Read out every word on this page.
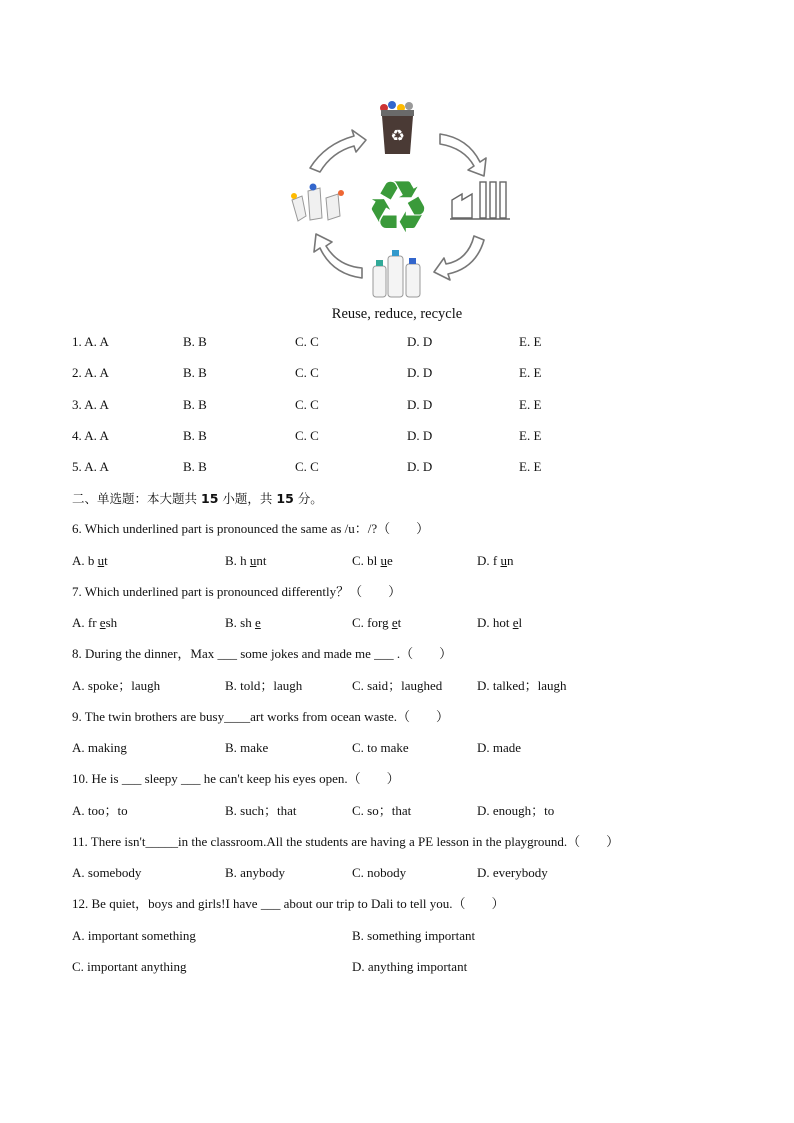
♻
♻
Reuse, reduce, recycle
1. A. A	B. B	C. C	D. D	E. E
2. A. A	B. B	C. C	D. D	E. E
3. A. A	B. B	C. C	D. D	E. E
4. A. A	B. B	C. C	D. D	E. E
5. A. A	B. B	C. C	D. D	E. E
二、单选题：本大题共 15 小题，共 15 分。
6. Which underlined part is pronounced the same as /u：/?（　　）
A. b ut	B. h unt	C. bl ue	D. f un
7. Which underlined part is pronounced differently？（　　）
A. fr esh	B. sh e	C. forg et	D. hot el
8. During the dinner，Max ___ some jokes and made me ___ .（　　）
A. spoke；laugh	B. told；laugh	C. said；laughed	D. talked；laugh
9. The twin brothers are busy____art works from ocean waste.（　　）
A. making	B. make	C. to make	D. made
10. He is ___ sleepy ___ he can't keep his eyes open.（　　）
A. too；to	B. such；that	C. so；that	D. enough；to
11. There isn't_____in the classroom.All the students are having a PE lesson in the playground.（　　）
A. somebody	B. anybody	C. nobody	D. everybody
12. Be quiet，boys and girls!I have ___ about our trip to Dali to tell you.（　　）
A. important something	B. something important
C. important anything	D. anything important
